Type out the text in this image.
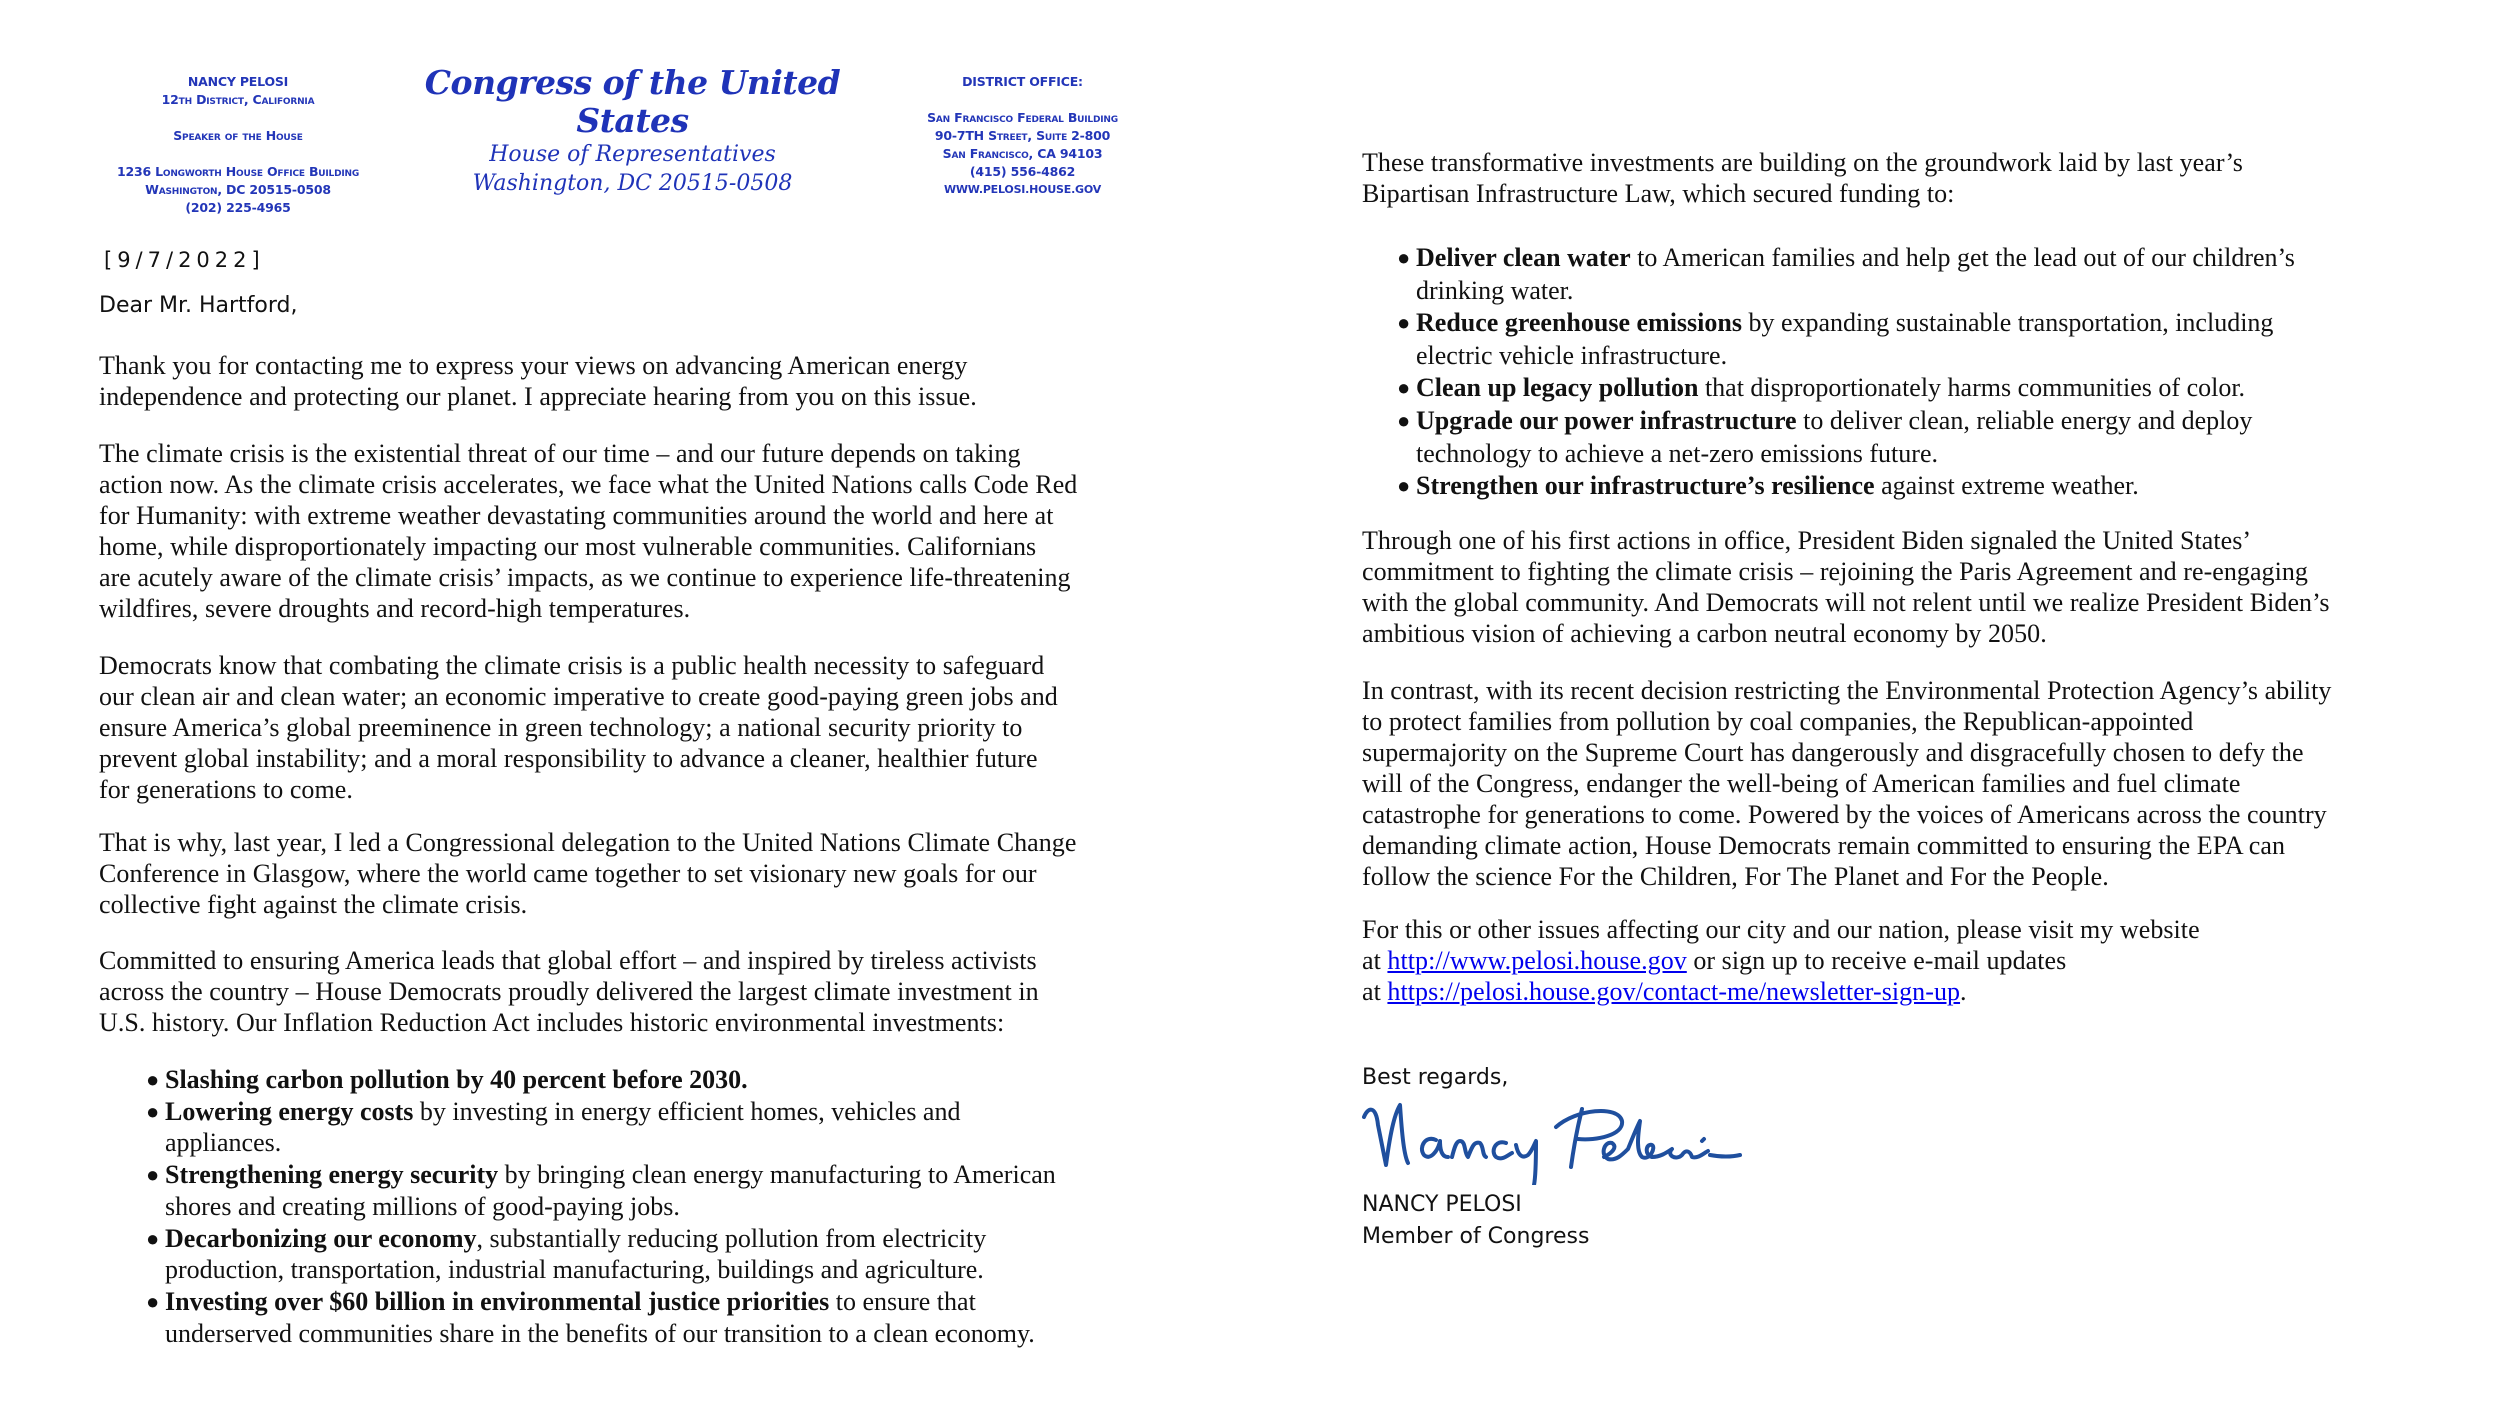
NANCY PELOSI
12th District, California
Speaker of the House
1236 Longworth House Office Building
Washington, DC 20515-0508
(202) 225-4965
Congress of the United States
House of Representatives
Washington, DC 20515-0508
DISTRICT OFFICE:
San Francisco Federal Building
90-7TH Street, Suite 2-800
San Francisco, CA 94103
(415) 556-4862
WWW.PELOSI.HOUSE.GOV
[9/7/2022]
Dear Mr. Hartford,
Thank you for contacting me to express your views on advancing American energy
independence and protecting our planet. I appreciate hearing from you on this issue.
The climate crisis is the existential threat of our time – and our future depends on taking
action now. As the climate crisis accelerates, we face what the United Nations calls Code Red
for Humanity: with extreme weather devastating communities around the world and here at
home, while disproportionately impacting our most vulnerable communities. Californians
are acutely aware of the climate crisis’ impacts, as we continue to experience life-threatening
wildfires, severe droughts and record-high temperatures.
Democrats know that combating the climate crisis is a public health necessity to safeguard
our clean air and clean water; an economic imperative to create good-paying green jobs and
ensure America’s global preeminence in green technology; a national security priority to
prevent global instability; and a moral responsibility to advance a cleaner, healthier future
for generations to come.
That is why, last year, I led a Congressional delegation to the United Nations Climate Change
Conference in Glasgow, where the world came together to set visionary new goals for our
collective fight against the climate crisis.
Committed to ensuring America leads that global effort – and inspired by tireless activists
across the country – House Democrats proudly delivered the largest climate investment in
U.S. history. Our Inflation Reduction Act includes historic environmental investments:
● Slashing carbon pollution by 40 percent before 2030.
● Lowering energy costs by investing in energy efficient homes, vehicles and
appliances.
● Strengthening energy security by bringing clean energy manufacturing to American
shores and creating millions of good-paying jobs.
● Decarbonizing our economy, substantially reducing pollution from electricity
production, transportation, industrial manufacturing, buildings and agriculture.
● Investing over $60 billion in environmental justice priorities to ensure that
underserved communities share in the benefits of our transition to a clean economy.
These transformative investments are building on the groundwork laid by last year’s
Bipartisan Infrastructure Law, which secured funding to:
● Deliver clean water to American families and help get the lead out of our children’s
drinking water.
● Reduce greenhouse emissions by expanding sustainable transportation, including
electric vehicle infrastructure.
● Clean up legacy pollution that disproportionately harms communities of color.
● Upgrade our power infrastructure to deliver clean, reliable energy and deploy
technology to achieve a net-zero emissions future.
● Strengthen our infrastructure’s resilience against extreme weather.
Through one of his first actions in office, President Biden signaled the United States’
commitment to fighting the climate crisis – rejoining the Paris Agreement and re-engaging
with the global community. And Democrats will not relent until we realize President Biden’s
ambitious vision of achieving a carbon neutral economy by 2050.
In contrast, with its recent decision restricting the Environmental Protection Agency’s ability
to protect families from pollution by coal companies, the Republican-appointed
supermajority on the Supreme Court has dangerously and disgracefully chosen to defy the
will of the Congress, endanger the well-being of American families and fuel climate
catastrophe for generations to come. Powered by the voices of Americans across the country
demanding climate action, House Democrats remain committed to ensuring the EPA can
follow the science For the Children, For The Planet and For the People.
For this or other issues affecting our city and our nation, please visit my website
at http://www.pelosi.house.gov or sign up to receive e-mail updates
at https://pelosi.house.gov/contact-me/newsletter-sign-up.
Best regards,
NANCY PELOSI
Member of Congress
